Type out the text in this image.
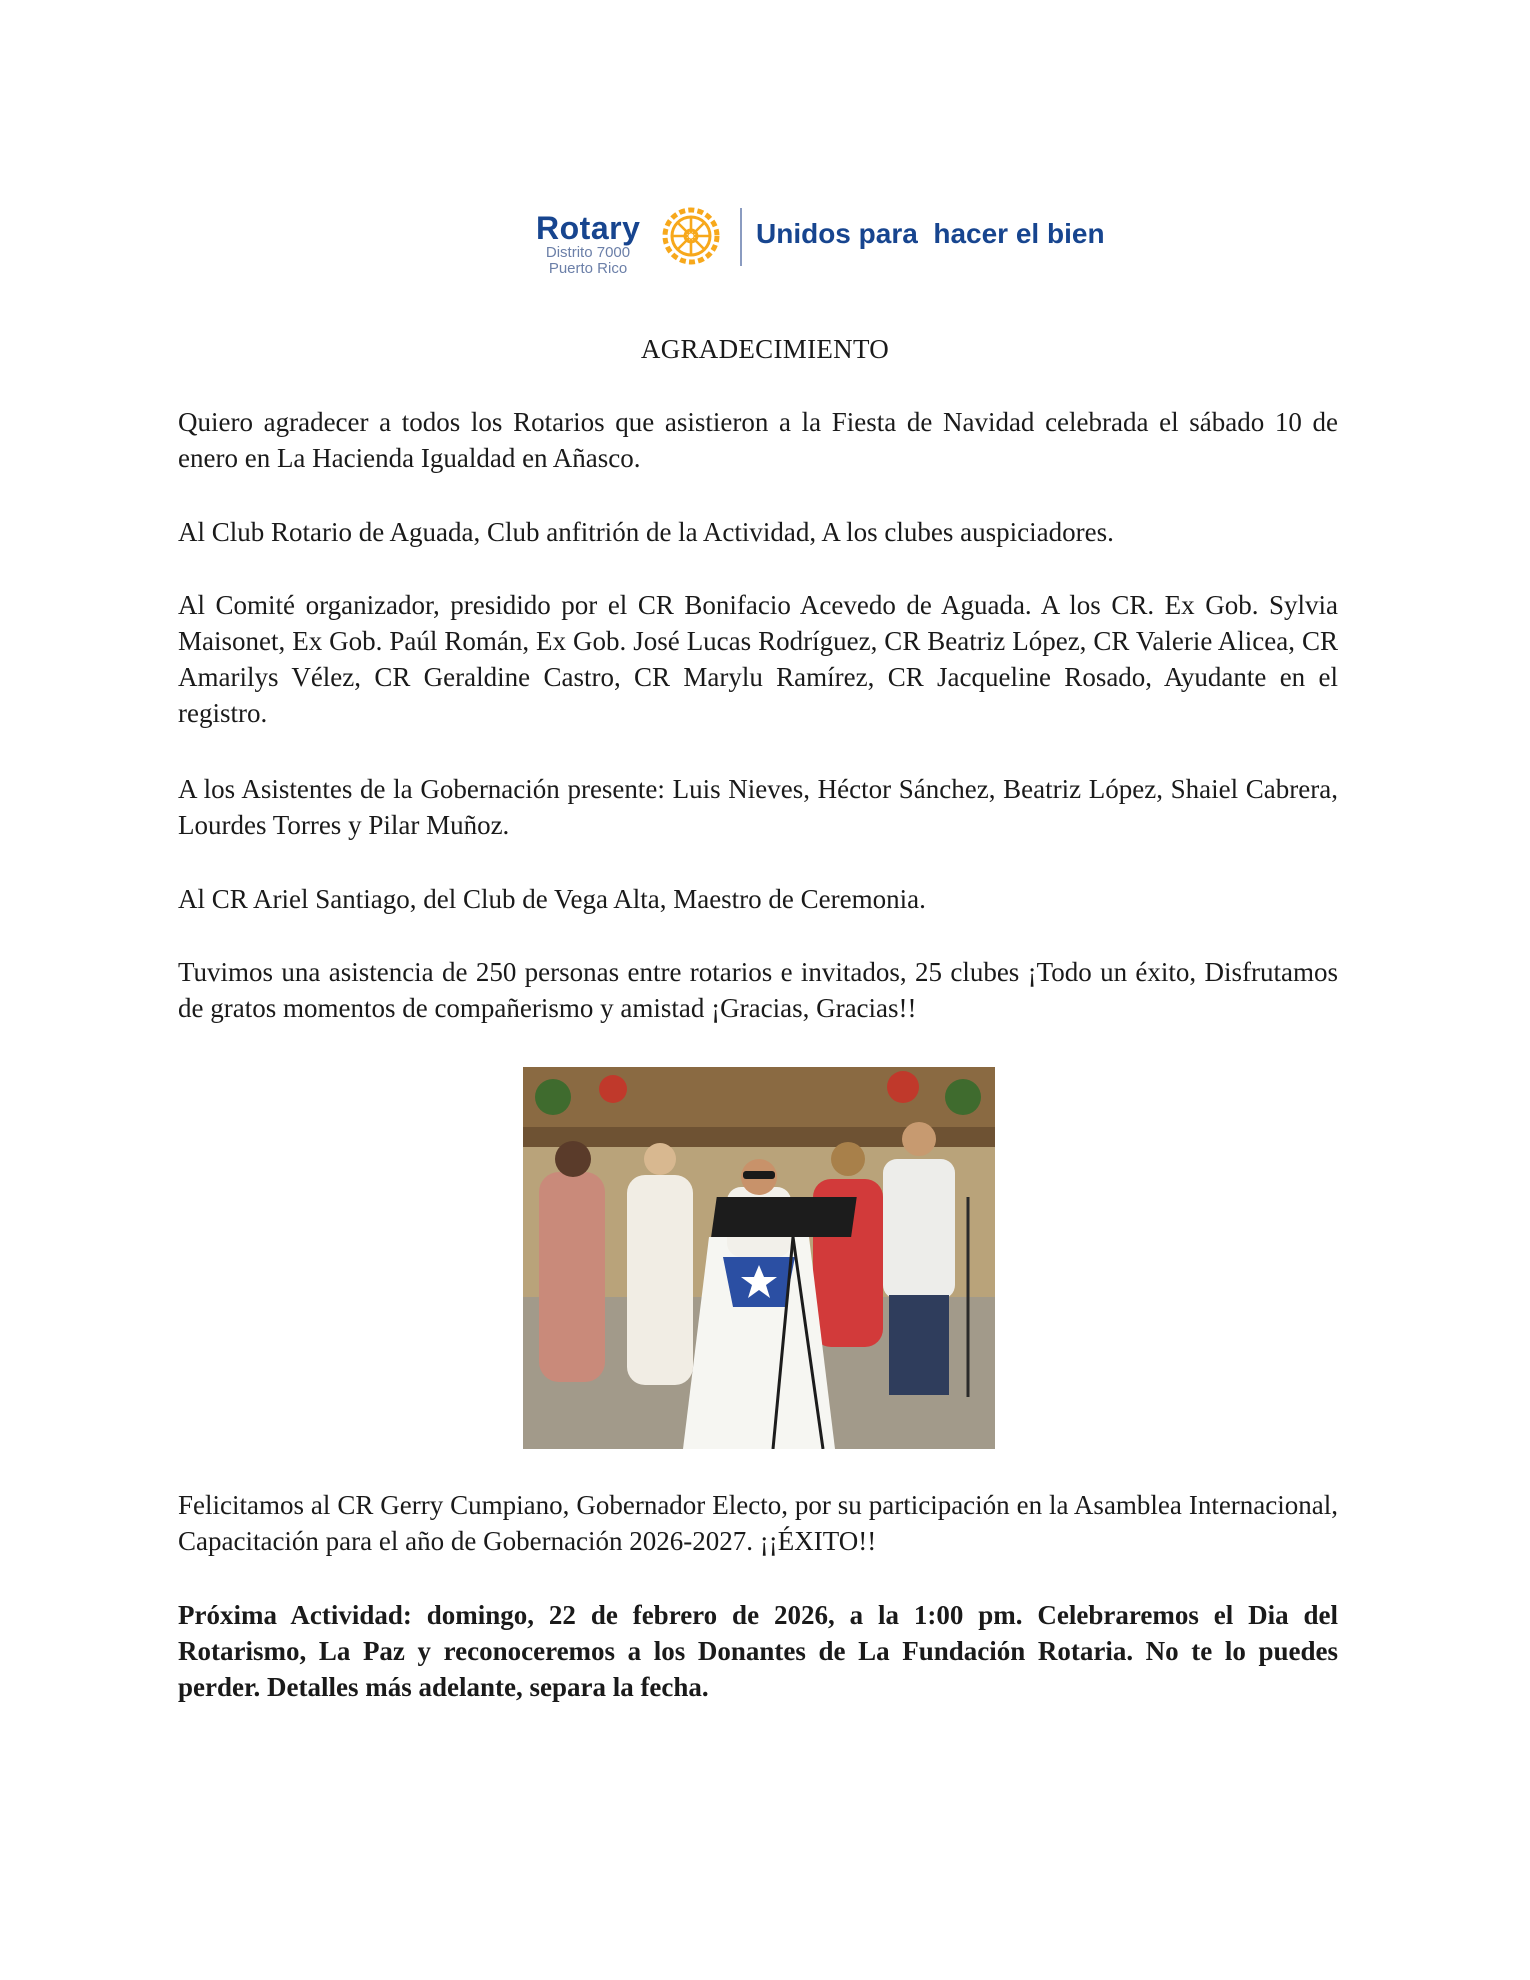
Rotary
Distrito 7000
Puerto Rico
Unidos para  hacer el bien
AGRADECIMIENTO
Quiero agradecer a todos los Rotarios que asistieron a la Fiesta de Navidad celebrada el sábado 10 de enero en La Hacienda Igualdad en Añasco.
Al Club Rotario de Aguada, Club anfitrión de la Actividad, A los clubes auspiciadores.
Al Comité organizador, presidido por el CR Bonifacio Acevedo de Aguada. A los CR. Ex Gob. Sylvia Maisonet, Ex Gob. Paúl Román, Ex Gob. José Lucas Rodríguez, CR Beatriz López, CR Valerie Alicea, CR Amarilys Vélez, CR Geraldine Castro, CR Marylu Ramírez, CR Jacqueline Rosado, Ayudante en el registro.
A los Asistentes de la Gobernación presente: Luis Nieves, Héctor Sánchez, Beatriz López, Shaiel Cabrera, Lourdes Torres y Pilar Muñoz.
Al CR Ariel Santiago, del Club de Vega Alta, Maestro de Ceremonia.
Tuvimos una asistencia de 250 personas entre rotarios e invitados, 25 clubes ¡Todo un éxito, Disfrutamos de gratos momentos de compañerismo y amistad ¡Gracias, Gracias!!
Felicitamos al CR Gerry Cumpiano, Gobernador Electo, por su participación en la Asamblea Internacional, Capacitación para el año de Gobernación 2026-2027. ¡¡ÉXITO!!
Próxima Actividad: domingo, 22 de febrero de 2026, a la 1:00 pm. Celebraremos el Dia del Rotarismo, La Paz y reconoceremos a los Donantes de La Fundación Rotaria. No te lo puedes perder. Detalles más adelante, separa la fecha.
